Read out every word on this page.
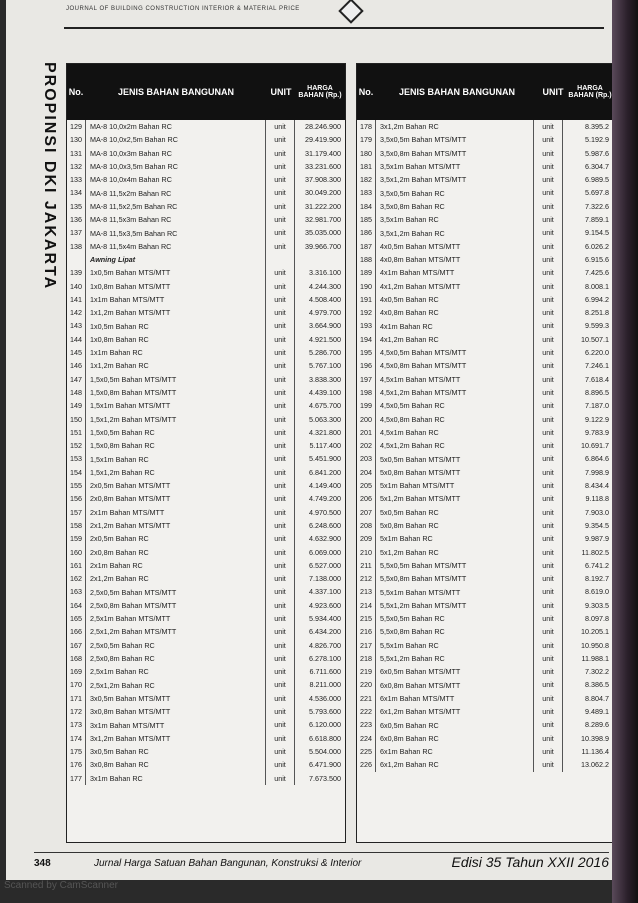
JOURNAL OF BUILDING CONSTRUCTION INTERIOR & MATERIAL PRICE
PROPINSI DKI JAKARTA No.	JENIS BAHAN BANGUNAN	UNIT	HARGA BAHAN (Rp.)
129	MA-8 10,0x2m Bahan RC	unit	28.246.900
130	MA-8 10,0x2,5m Bahan RC	unit	29.419.900
131	MA-8 10,0x3m Bahan RC	unit	31.179.400
132	MA-8 10,0x3,5m Bahan RC	unit	33.231.600
133	MA-8 10,0x4m Bahan RC	unit	37.908.300
134	MA-8 11,5x2m Bahan RC	unit	30.049.200
135	MA-8 11,5x2,5m Bahan RC	unit	31.222.200
136	MA-8 11,5x3m Bahan RC	unit	32.981.700
137	MA-8 11,5x3,5m Bahan RC	unit	35.035.000
138	MA-8 11,5x4m Bahan RC	unit	39.966.700
Awning Lipat
139	1x0,5m Bahan MTS/MTT	unit	3.316.100
140	1x0,8m Bahan MTS/MTT	unit	4.244.300
141	1x1m Bahan MTS/MTT	unit	4.508.400
142	1x1,2m Bahan MTS/MTT	unit	4.979.700
143	1x0,5m Bahan RC	unit	3.664.900
144	1x0,8m Bahan RC	unit	4.921.500
145	1x1m Bahan RC	unit	5.286.700
146	1x1,2m Bahan RC	unit	5.767.100
147	1,5x0,5m Bahan MTS/MTT	unit	3.838.300
148	1,5x0,8m Bahan MTS/MTT	unit	4.439.100
149	1,5x1m Bahan MTS/MTT	unit	4.675.700
150	1,5x1,2m Bahan MTS/MTT	unit	5.063.300
151	1,5x0,5m Bahan RC	unit	4.321.800
152	1,5x0,8m Bahan RC	unit	5.117.400
153	1,5x1m Bahan RC	unit	5.451.900
154	1,5x1,2m Bahan RC	unit	6.841.200
155	2x0,5m Bahan MTS/MTT	unit	4.149.400
156	2x0,8m Bahan MTS/MTT	unit	4.749.200
157	2x1m Bahan MTS/MTT	unit	4.970.500
158	2x1,2m Bahan MTS/MTT	unit	6.248.600
159	2x0,5m Bahan RC	unit	4.632.900
160	2x0,8m Bahan RC	unit	6.069.000
161	2x1m Bahan RC	unit	6.527.000
162	2x1,2m Bahan RC	unit	7.138.000
163	2,5x0,5m Bahan MTS/MTT	unit	4.337.100
164	2,5x0,8m Bahan MTS/MTT	unit	4.923.600
165	2,5x1m Bahan MTS/MTT	unit	5.934.400
166	2,5x1,2m Bahan MTS/MTT	unit	6.434.200
167	2,5x0,5m Bahan RC	unit	4.826.700
168	2,5x0,8m Bahan RC	unit	6.278.100
169	2,5x1m Bahan RC	unit	6.711.600
170	2,5x1,2m Bahan RC	unit	8.211.000
171	3x0,5m Bahan MTS/MTT	unit	4.536.000
172	3x0,8m Bahan MTS/MTT	unit	5.793.600
173	3x1m Bahan MTS/MTT	unit	6.120.000
174	3x1,2m Bahan MTS/MTT	unit	6.618.800
175	3x0,5m Bahan RC	unit	5.504.000
176	3x0,8m Bahan RC	unit	6.471.900
177	3x1m Bahan RC	unit	7.673.500
No.	JENIS BAHAN BANGUNAN	UNIT	HARGA BAHAN (Rp.)
178	3x1,2m Bahan RC	unit	8.395.2
179	3,5x0,5m Bahan MTS/MTT	unit	5.192.9
180	3,5x0,8m Bahan MTS/MTT	unit	5.987.6
181	3,5x1m Bahan MTS/MTT	unit	6.304.7
182	3,5x1,2m Bahan MTS/MTT	unit	6.989.5
183	3,5x0,5m Bahan RC	unit	5.697.8
184	3,5x0,8m Bahan RC	unit	7.322.6
185	3,5x1m Bahan RC	unit	7.859.1
186	3,5x1,2m Bahan RC	unit	9.154.5
187	4x0,5m Bahan MTS/MTT	unit	6.026.2
188	4x0,8m Bahan MTS/MTT	unit	6.915.6
189	4x1m Bahan MTS/MTT	unit	7.425.6
190	4x1,2m Bahan MTS/MTT	unit	8.008.1
191	4x0,5m Bahan RC	unit	6.994.2
192	4x0,8m Bahan RC	unit	8.251.8
193	4x1m Bahan RC	unit	9.599.3
194	4x1,2m Bahan RC	unit	10.507.1
195	4,5x0,5m Bahan MTS/MTT	unit	6.220.0
196	4,5x0,8m Bahan MTS/MTT	unit	7.246.1
197	4,5x1m Bahan MTS/MTT	unit	7.618.4
198	4,5x1,2m Bahan MTS/MTT	unit	8.896.5
199	4,5x0,5m Bahan RC	unit	7.187.0
200	4,5x0,8m Bahan RC	unit	9.122.9
201	4,5x1m Bahan RC	unit	9.783.9
202	4,5x1,2m Bahan RC	unit	10.691.7
203	5x0,5m Bahan MTS/MTT	unit	6.864.6
204	5x0,8m Bahan MTS/MTT	unit	7.998.9
205	5x1m Bahan MTS/MTT	unit	8.434.4
206	5x1,2m Bahan MTS/MTT	unit	9.118.8
207	5x0,5m Bahan RC	unit	7.903.0
208	5x0,8m Bahan RC	unit	9.354.5
209	5x1m Bahan RC	unit	9.987.9
210	5x1,2m Bahan RC	unit	11.802.5
211	5,5x0,5m Bahan MTS/MTT	unit	6.741.2
212	5,5x0,8m Bahan MTS/MTT	unit	8.192.7
213	5,5x1m Bahan MTS/MTT	unit	8.619.0
214	5,5x1,2m Bahan MTS/MTT	unit	9.303.5
215	5,5x0,5m Bahan RC	unit	8.097.8
216	5,5x0,8m Bahan RC	unit	10.205.1
217	5,5x1m Bahan RC	unit	10.950.8
218	5,5x1,2m Bahan RC	unit	11.988.1
219	6x0,5m Bahan MTS/MTT	unit	7.302.2
220	6x0,8m Bahan MTS/MTT	unit	8.386.5
221	6x1m Bahan MTS/MTT	unit	8.804.7
222	6x1,2m Bahan MTS/MTT	unit	9.489.1
223	6x0,5m Bahan RC	unit	8.289.6
224	6x0,8m Bahan RC	unit	10.398.9
225	6x1m Bahan RC	unit	11.136.4
226	6x1,2m Bahan RC	unit	13.062.2
348	Jurnal Harga Satuan Bahan Bangunan, Konstruksi & Interior	Edisi 35 Tahun XXII 2016
Scanned by CamScanner
